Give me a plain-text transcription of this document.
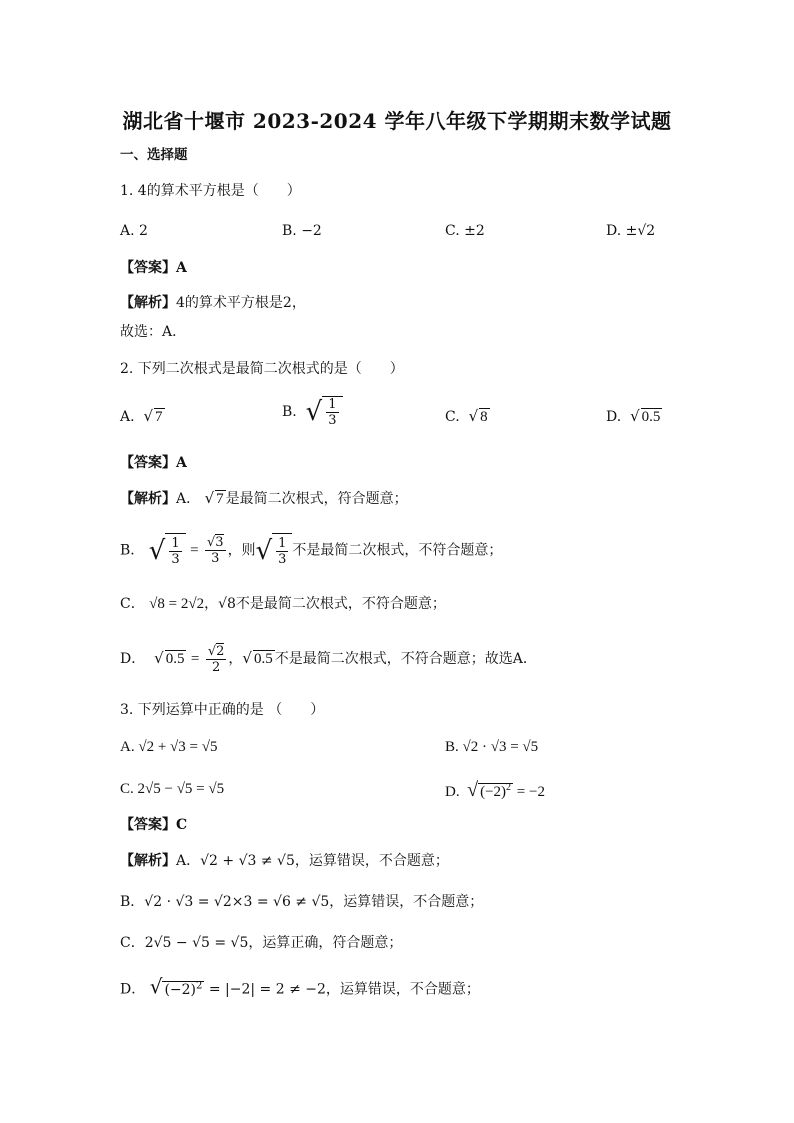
湖北省十堰市 2023-2024 学年八年级下学期期末数学试题
一、选择题
1. 4的算术平方根是（　　）
A. 2	B. −2	C. ±2	D. ±√2
【答案】A
【解析】4的算术平方根是2，
故选：A．
2. 下列二次根式是最简二次根式的是（　　）
A. √ 7	B. √ $\frac{1}{3}$	C. √ 8	D. √ 0.5
【答案】A
【解析】A． √ 7 是最简二次根式，符合题意；
B． √ $\frac{1}{3} = \frac{√3}{3}$ ，则 √ $\frac{1}{3}$ 不是最简二次根式，不符合题意；
C． √8 = 2√2，√8不是最简二次根式，不符合题意；
D． √ $0.5 = \frac{√2}{2}$ ，√ 0.5 不是最简二次根式，不符合题意；故选A．
3. 下列运算中正确的是 （　　）
A. √2 + √3 = √5	B. √2 · √3 = √5
C. 2√5 − √5 = √5	D. √ $(-2)^2 = -2$
【答案】C
【解析】A．√2 + √3 ≠ √5，运算错误，不合题意；
B．√2 · √3 = √2×3 = √6 ≠ √5，运算错误，不合题意；
C．2√5 − √5 = √5，运算正确，符合题意；
D． √ $(-2)^2 = |-2| = 2 \ne -2$，运算错误，不合题意；
